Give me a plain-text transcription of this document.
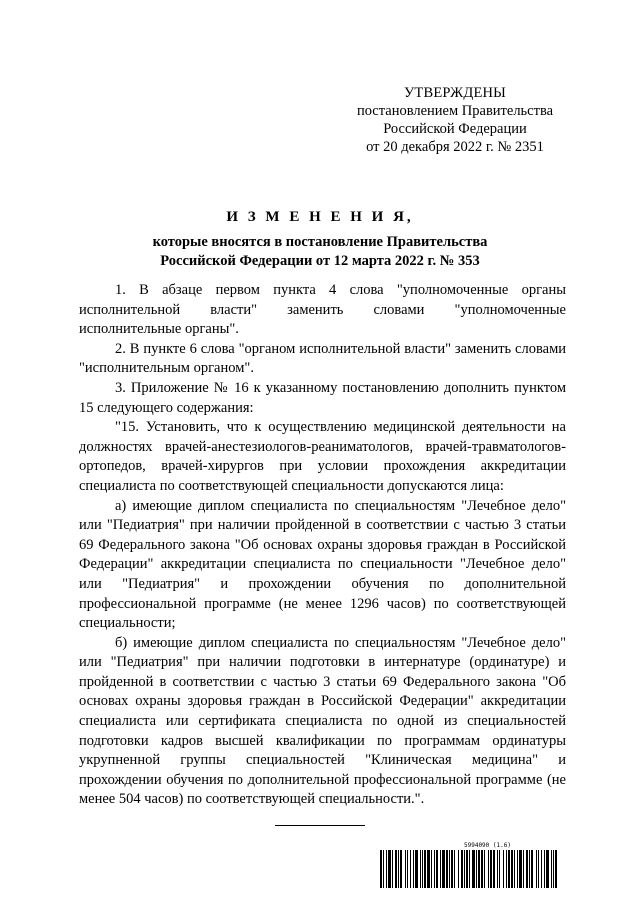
УТВЕРЖДЕНЫ
постановлением Правительства
Российской Федерации
от 20 декабря 2022 г. № 2351
И З М Е Н Е Н И Я,
которые вносятся в постановление Правительства
Российской Федерации от 12 марта 2022 г. № 353

1. В абзаце первом пункта 4 слова "уполномоченные органы исполнительной власти" заменить словами "уполномоченные исполнительные органы".

2. В пункте 6 слова "органом исполнительной власти" заменить словами "исполнительным органом".

3. Приложение № 16 к указанному постановлению дополнить пунктом 15 следующего содержания:

"15. Установить, что к осуществлению медицинской деятельности на должностях врачей-анестезиологов-реаниматологов, врачей-травматологов-ортопедов, врачей-хирургов при условии прохождения аккредитации специалиста по соответствующей специальности допускаются лица:

а) имеющие диплом специалиста по специальностям "Лечебное дело" или "Педиатрия" при наличии пройденной в соответствии с частью 3 статьи 69 Федерального закона "Об основах охраны здоровья граждан в Российской Федерации" аккредитации специалиста по специальности "Лечебное дело" или "Педиатрия" и прохождении обучения по дополнительной профессиональной программе (не менее 1296 часов) по соответствующей специальности;

б) имеющие диплом специалиста по специальностям "Лечебное дело" или "Педиатрия" при наличии подготовки в интернатуре (ординатуре) и пройденной в соответствии с частью 3 статьи 69 Федерального закона "Об основах охраны здоровья граждан в Российской Федерации" аккредитации специалиста или сертификата специалиста по одной из специальностей подготовки кадров высшей квалификации по программам ординатуры укрупненной группы специальностей "Клиническая медицина" и прохождении обучения по дополнительной профессиональной программе (не менее 504 часов) по соответствующей специальности.".

5994090 (1.6)
